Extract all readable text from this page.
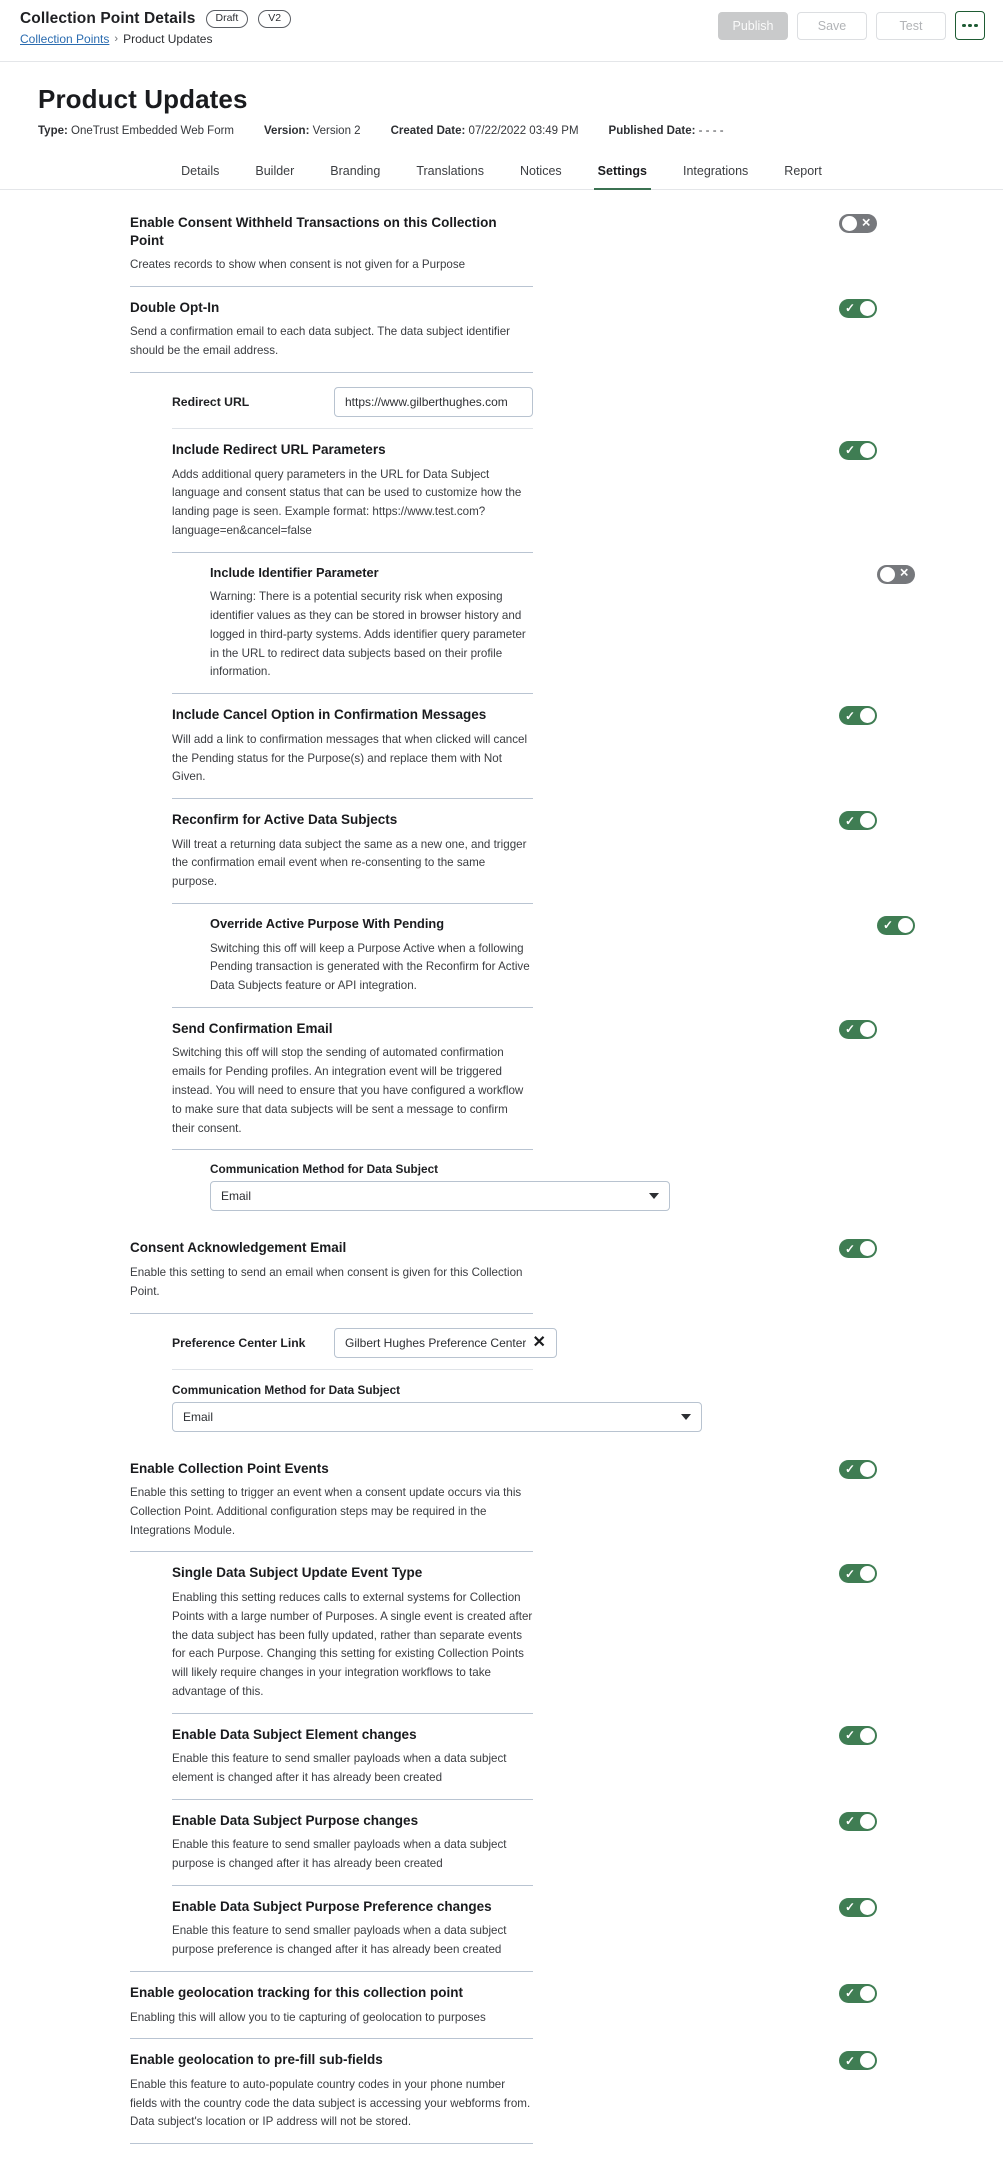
Collection Point Details	Draft	V2
Collection Points › Product Updates
Publish	Save	Test
Product Updates
Type: OneTrust Embedded Web Form	Version: Version 2	Created Date: 07/22/2022 03:49 PM	Published Date: - - - -
Details	Builder	Branding	Translations	Notices	Settings	Integrations	Report
Enable Consent Withheld Transactions on this Collection Point
Creates records to show when consent is not given for a Purpose
✕
Double Opt-In
Send a confirmation email to each data subject. The data subject identifier should be the email address.
✓
Redirect URL	https://www.gilberthughes.com
Include Redirect URL Parameters
Adds additional query parameters in the URL for Data Subject language and consent status that can be used to customize how the landing page is seen. Example format: https://www.test.com?language=en&cancel=false
✓
Include Identifier Parameter
Warning: There is a potential security risk when exposing identifier values as they can be stored in browser history and logged in third-party systems. Adds identifier query parameter in the URL to redirect data subjects based on their profile information.
✕
Include Cancel Option in Confirmation Messages
Will add a link to confirmation messages that when clicked will cancel the Pending status for the Purpose(s) and replace them with Not Given.
✓
Reconfirm for Active Data Subjects
Will treat a returning data subject the same as a new one, and trigger the confirmation email event when re-consenting to the same purpose.
✓
Override Active Purpose With Pending
Switching this off will keep a Purpose Active when a following Pending transaction is generated with the Reconfirm for Active Data Subjects feature or API integration.
✓
Send Confirmation Email
Switching this off will stop the sending of automated confirmation emails for Pending profiles. An integration event will be triggered instead. You will need to ensure that you have configured a workflow to make sure that data subjects will be sent a message to confirm their consent.
✓
Communication Method for Data Subject
Email
Consent Acknowledgement Email
Enable this setting to send an email when consent is given for this Collection Point.
✓
Preference Center Link	Gilbert Hughes Preference Center ✕
Communication Method for Data Subject
Email
Enable Collection Point Events
Enable this setting to trigger an event when a consent update occurs via this Collection Point. Additional configuration steps may be required in the Integrations Module.
✓
Single Data Subject Update Event Type
Enabling this setting reduces calls to external systems for Collection Points with a large number of Purposes. A single event is created after the data subject has been fully updated, rather than separate events for each Purpose. Changing this setting for existing Collection Points will likely require changes in your integration workflows to take advantage of this.
✓
Enable Data Subject Element changes
Enable this feature to send smaller payloads when a data subject element is changed after it has already been created
✓
Enable Data Subject Purpose changes
Enable this feature to send smaller payloads when a data subject purpose is changed after it has already been created
✓
Enable Data Subject Purpose Preference changes
Enable this feature to send smaller payloads when a data subject purpose preference is changed after it has already been created
✓
Enable geolocation tracking for this collection point
Enabling this will allow you to tie capturing of geolocation to purposes
✓
Enable geolocation to pre-fill sub-fields
Enable this feature to auto-populate country codes in your phone number fields with the country code the data subject is accessing your webforms from. Data subject's location or IP address will not be stored.
✓
